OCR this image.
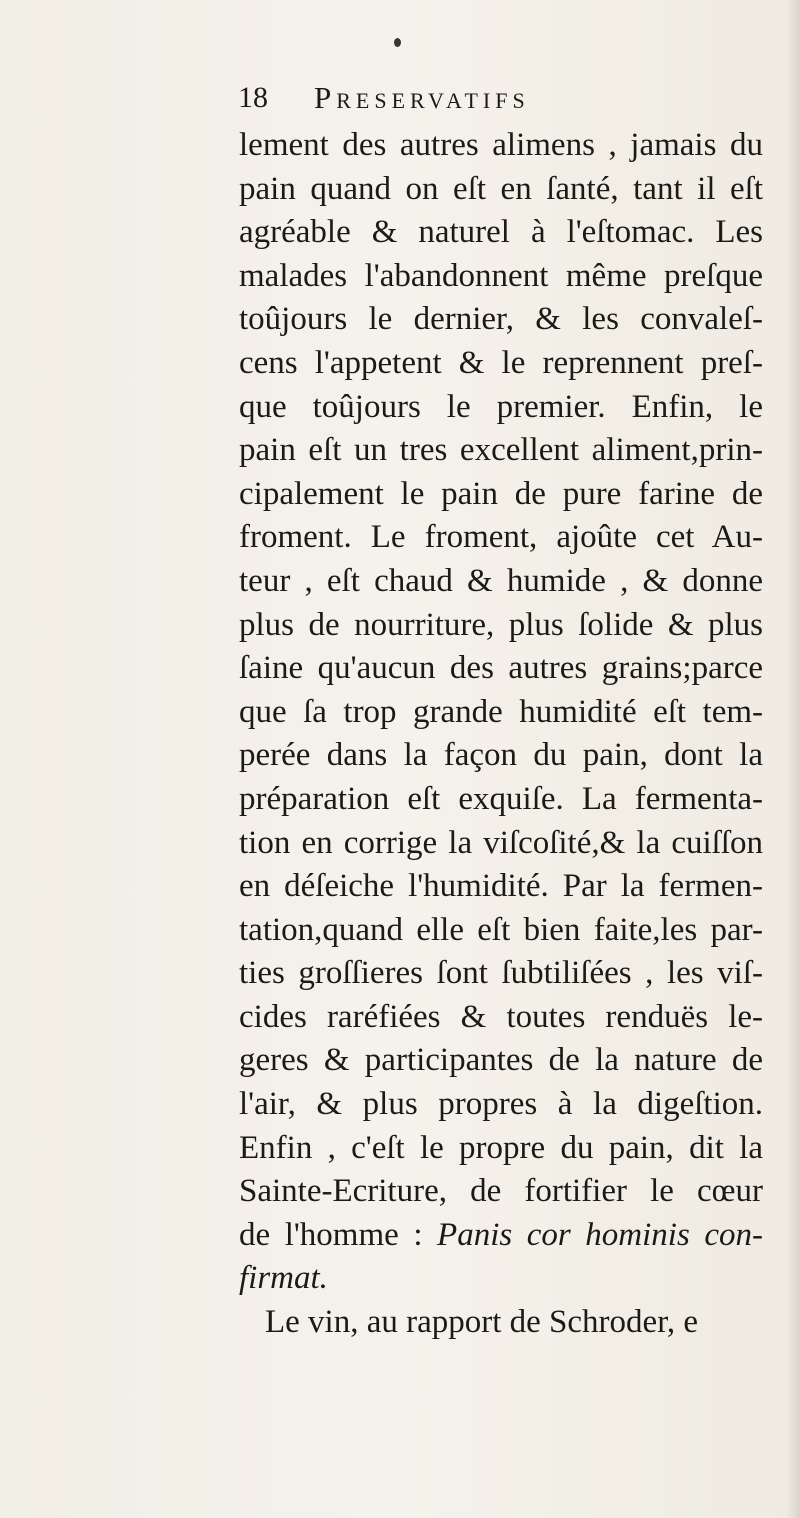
18 Preservatifs
lement des autres alimens , jamais du
pain quand on eſt en ſanté, tant il eſt
agréable & naturel à l'eſtomac. Les
malades l'abandonnent même preſque
toûjours le dernier, & les convaleſ-
cens l'appetent & le reprennent preſ-
que toûjours le premier. Enfin, le
pain eſt un tres excellent aliment,prin-
cipalement le pain de pure farine de
froment. Le froment, ajoûte cet Au-
teur , eſt chaud & humide , & donne
plus de nourriture, plus ſolide & plus
ſaine qu'aucun des autres grains;parce
que ſa trop grande humidité eſt tem-
perée dans la façon du pain, dont la
préparation eſt exquiſe. La fermenta-
tion en corrige la viſcoſité,& la cuiſſon
en déſeiche l'humidité. Par la fermen-
tation,quand elle eſt bien faite,les par-
ties groſſieres ſont ſubtiliſées , les viſ-
cides raréfiées & toutes renduës le-
geres & participantes de la nature de
l'air, & plus propres à la digeſtion.
Enfin , c'eſt le propre du pain, dit la
Sainte-Ecriture, de fortifier le cœur
de l'homme : Panis cor hominis con-
firmat.
Le vin, au rapport de Schroder, e
